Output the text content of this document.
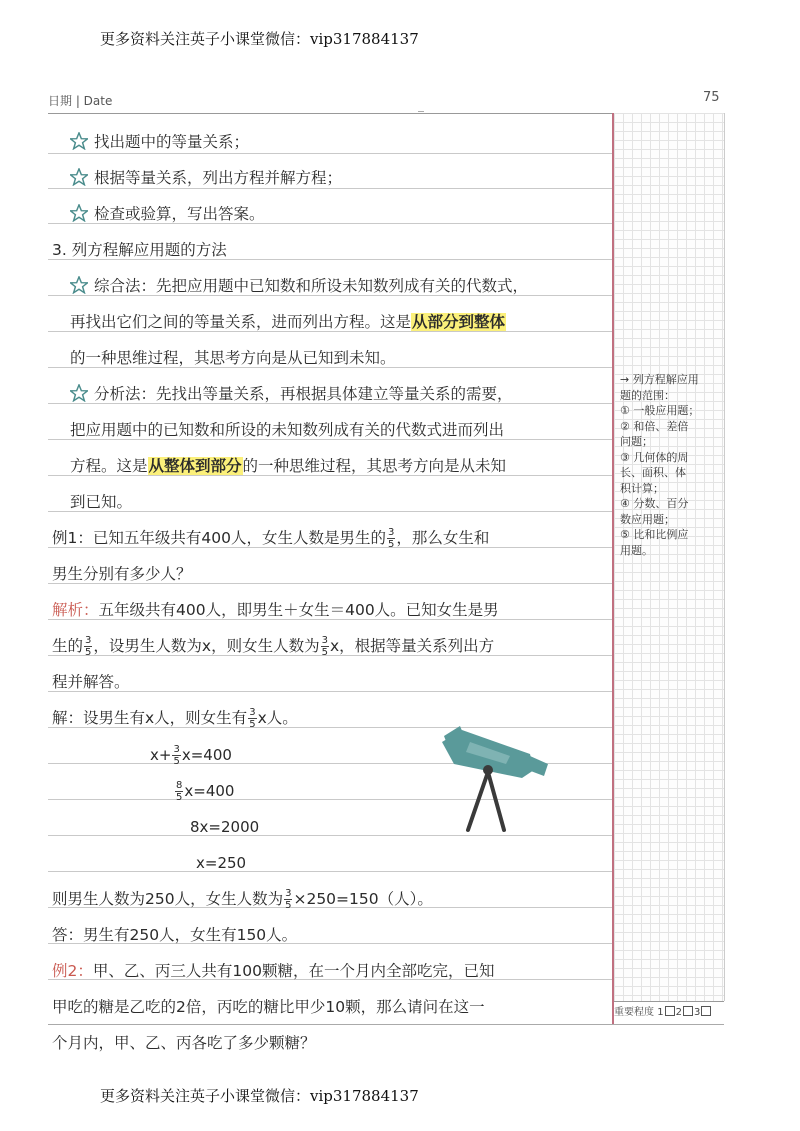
更多资料关注英子小课堂微信：vip317884137
日期 | Date	75
重要程度 1 2 3
找出题中的等量关系；
根据等量关系，列出方程并解方程；
检查或验算，写出答案。
3. 列方程解应用题的方法
综合法：先把应用题中已知数和所设未知数列成有关的代数式，
再找出它们之间的等量关系，进而列出方程。这是从部分到整体
的一种思维过程，其思考方向是从已知到未知。
分析法：先找出等量关系，再根据具体建立等量关系的需要，
把应用题中的已知数和所设的未知数列成有关的代数式进而列出
方程。这是从整体到部分的一种思维过程，其思考方向是从未知
到已知。
例1：已知五年级共有400人，女生人数是男生的 $\frac{3}{5}$ ，那么女生和
男生分别有多少人？
解析：五年级共有400人，即男生＋女生＝400人。已知女生是男
生的 $\frac{3}{5}$ ，设男生人数为x，则女生人数为 $\frac{3}{5}$ x，根据等量关系列出方
程并解答。
解：设男生有x人，则女生有 $\frac{3}{5}$ x人。
$x+ \frac{3}{5} x=400$
$\frac{8}{5} x=400$
8x=2000
x=250
则男生人数为250人，女生人数为 $\frac{3}{5} \times 250=150$（人）。
答：男生有250人，女生有150人。
例2：甲、乙、丙三人共有100颗糖，在一个月内全部吃完，已知
甲吃的糖是乙吃的2倍，丙吃的糖比甲少10颗，那么请问在这一
个月内，甲、乙、丙各吃了多少颗糖？
→ 列方程解应用
题的范围：
① 一般应用题；
② 和倍、差倍
问题；
③ 几何体的周
长、面积、体
积计算；
④ 分数、百分
数应用题；
⑤ 比和比例应
用题。
更多资料关注英子小课堂微信：vip317884137
